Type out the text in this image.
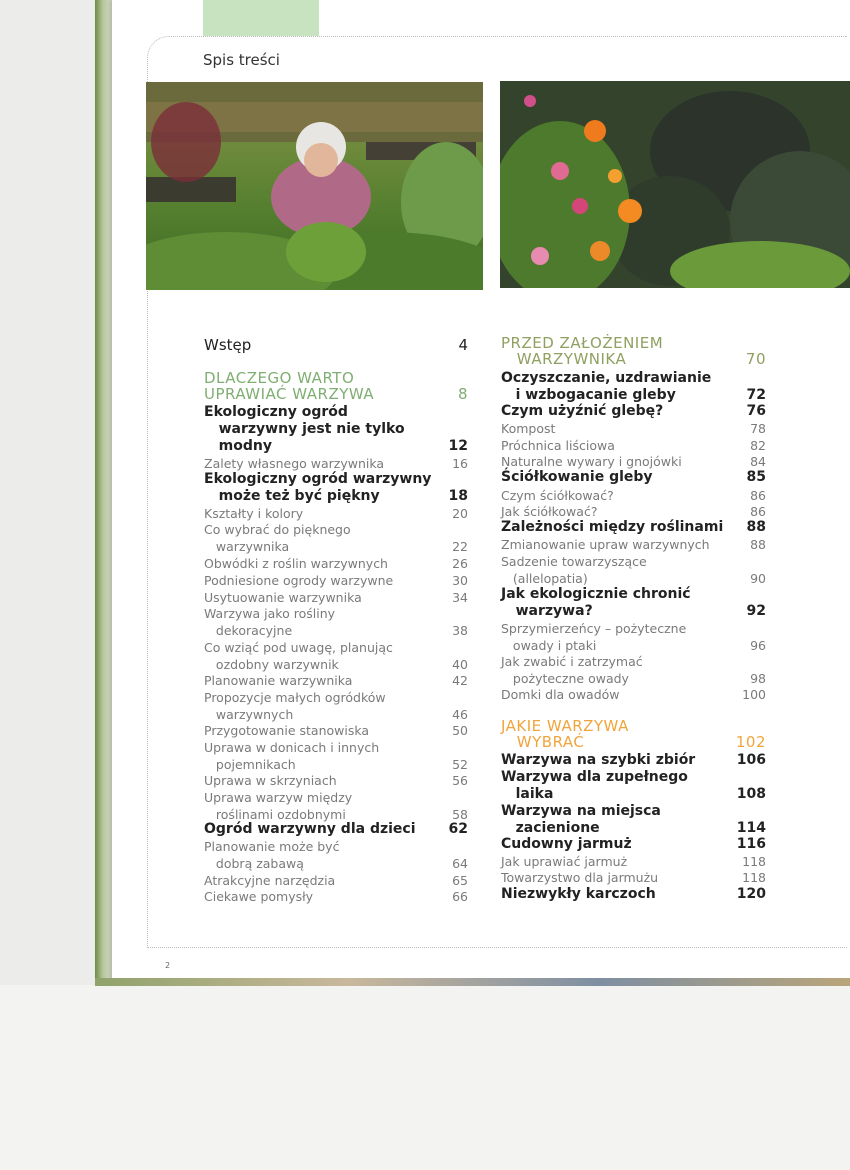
Spis treści
Wstęp	4
DLACZEGO WARTO
UPRAWIAĆ WARZYWA	8
Ekologiczny ogród
warzywny jest nie tylko
modny	12
Zalety własnego warzywnika	16
Ekologiczny ogród warzywny
może też być piękny	18
Kształty i kolory	20
Co wybrać do pięknego
warzywnika	22
Obwódki z roślin warzywnych	26
Podniesione ogrody warzywne	30
Usytuowanie warzywnika	34
Warzywa jako rośliny
dekoracyjne	38
Co wziąć pod uwagę, planując
ozdobny warzywnik	40
Planowanie warzywnika	42
Propozycje małych ogródków
warzywnych	46
Przygotowanie stanowiska	50
Uprawa w donicach i innych
pojemnikach	52
Uprawa w skrzyniach	56
Uprawa warzyw między
roślinami ozdobnymi	58
Ogród warzywny dla dzieci	62
Planowanie może być
dobrą zabawą	64
Atrakcyjne narzędzia	65
Ciekawe pomysły	66
PRZED ZAŁOŻENIEM
WARZYWNIKA	70
Oczyszczanie, uzdrawianie
i wzbogacanie gleby	72
Czym użyźnić glebę?	76
Kompost	78
Próchnica liściowa	82
Naturalne wywary i gnojówki	84
Ściółkowanie gleby	85
Czym ściółkować?	86
Jak ściółkować?	86
Zależności między roślinami	88
Zmianowanie upraw warzywnych	88
Sadzenie towarzyszące
(allelopatia)	90
Jak ekologicznie chronić
warzywa?	92
Sprzymierzeńcy – pożyteczne
owady i ptaki	96
Jak zwabić i zatrzymać
pożyteczne owady	98
Domki dla owadów	100
JAKIE WARZYWA
WYBRAĆ	102
Warzywa na szybki zbiór	106
Warzywa dla zupełnego
laika	108
Warzywa na miejsca
zacienione	114
Cudowny jarmuż	116
Jak uprawiać jarmuż	118
Towarzystwo dla jarmużu	118
Niezwykły karczoch	120
2
